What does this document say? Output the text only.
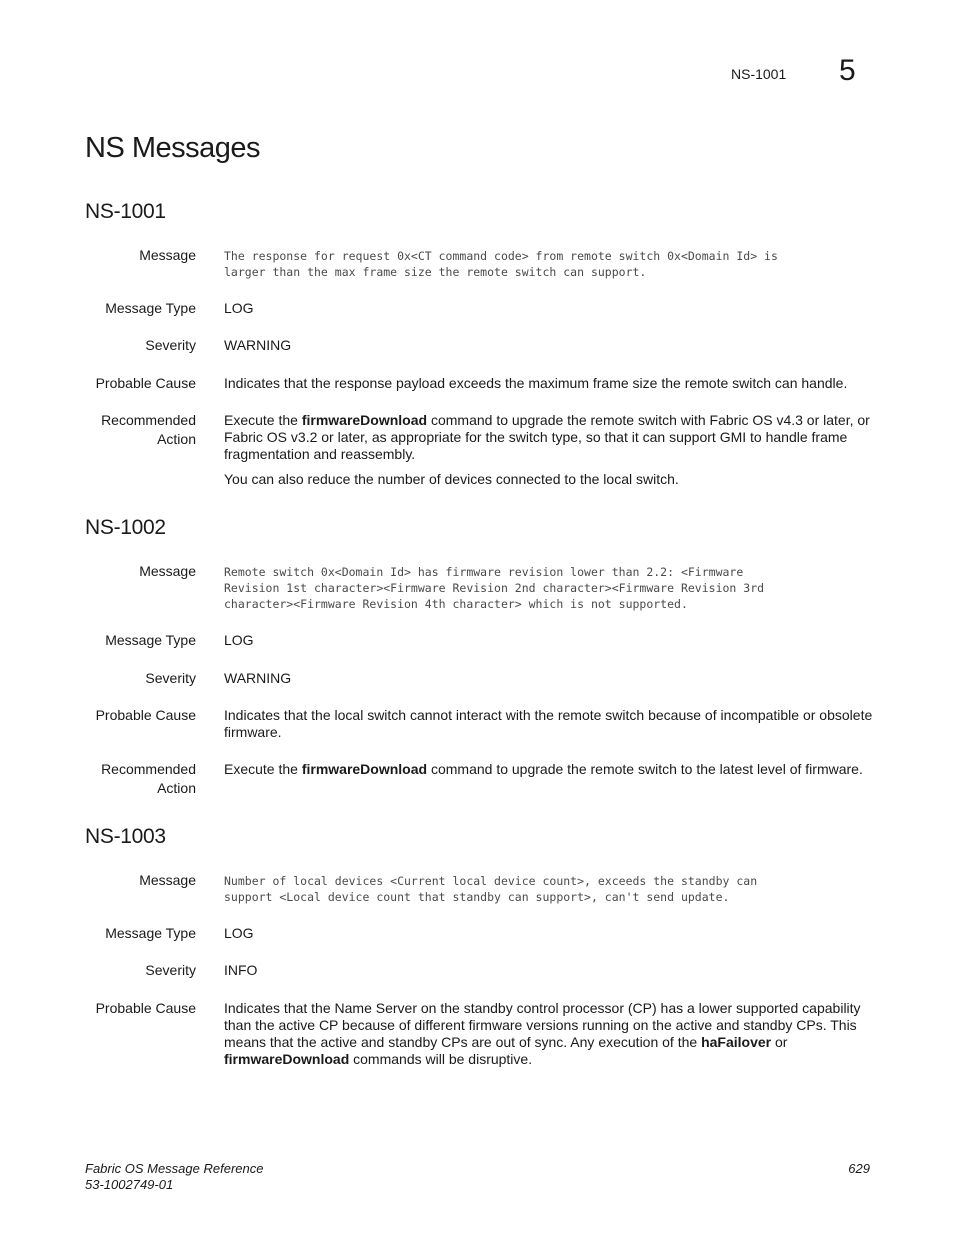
NS-1001 5
NS Messages
NS-1001
Message The response for request 0x<CT command code> from remote switch 0x<Domain Id> is
larger than the max frame size the remote switch can support.
Message Type LOG
Severity WARNING
Probable Cause Indicates that the response payload exceeds the maximum frame size the remote switch can handle.
Recommended
Action
Execute the firmwareDownload command to upgrade the remote switch with Fabric OS v4.3 or later, or Fabric OS v3.2 or later, as appropriate for the switch type, so that it can support GMI to handle frame fragmentation and reassembly.
You can also reduce the number of devices connected to the local switch.
NS-1002
Message Remote switch 0x<Domain Id> has firmware revision lower than 2.2: <Firmware
Revision 1st character><Firmware Revision 2nd character><Firmware Revision 3rd
character><Firmware Revision 4th character> which is not supported.
Message Type LOG
Severity WARNING
Probable Cause Indicates that the local switch cannot interact with the remote switch because of incompatible or obsolete firmware.
Recommended
Action
Execute the firmwareDownload command to upgrade the remote switch to the latest level of firmware.
NS-1003
Message Number of local devices <Current local device count>, exceeds the standby can
support <Local device count that standby can support>, can't send update.
Message Type LOG
Severity INFO
Probable Cause Indicates that the Name Server on the standby control processor (CP) has a lower supported capability than the active CP because of different firmware versions running on the active and standby CPs. This means that the active and standby CPs are out of sync. Any execution of the haFailover or firmwareDownload commands will be disruptive.
Fabric OS Message Reference
53-1002749-01
629
